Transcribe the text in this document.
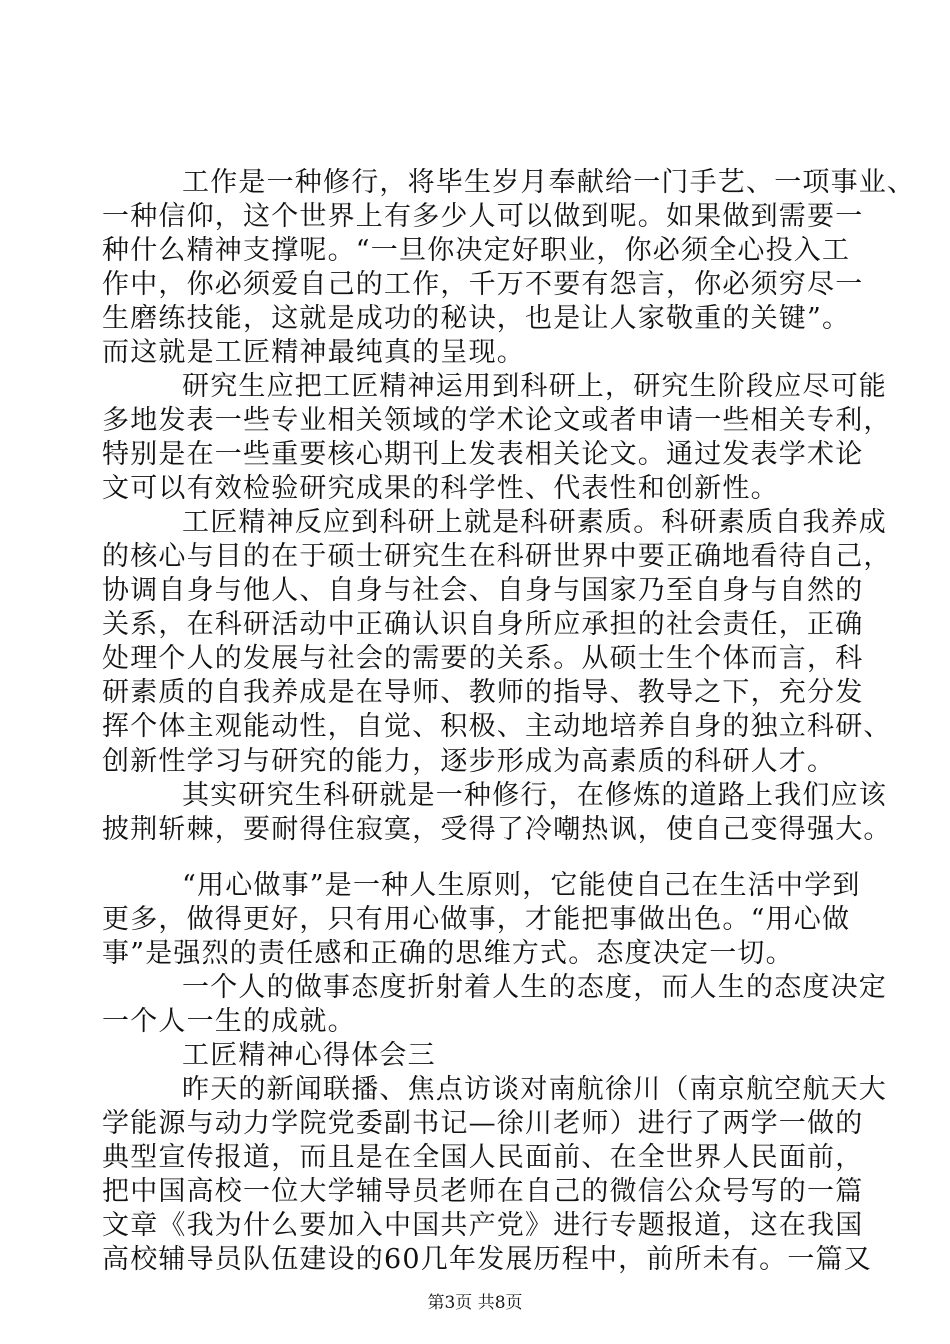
工作是一种修行，将毕生岁月奉献给一门手艺、一项事业、
一种信仰，这个世界上有多少人可以做到呢。如果做到需要一
种什么精神支撑呢。“一旦你决定好职业，你必须全心投入工
作中，你必须爱自己的工作，千万不要有怨言，你必须穷尽一
生磨练技能，这就是成功的秘诀，也是让人家敬重的关键”。
而这就是工匠精神最纯真的呈现。
研究生应把工匠精神运用到科研上，研究生阶段应尽可能
多地发表一些专业相关领域的学术论文或者申请一些相关专利，
特别是在一些重要核心期刊上发表相关论文。通过发表学术论
文可以有效检验研究成果的科学性、代表性和创新性。
工匠精神反应到科研上就是科研素质。科研素质自我养成
的核心与目的在于硕士研究生在科研世界中要正确地看待自己，
协调自身与他人、自身与社会、自身与国家乃至自身与自然的
关系，在科研活动中正确认识自身所应承担的社会责任，正确
处理个人的发展与社会的需要的关系。从硕士生个体而言，科
研素质的自我养成是在导师、教师的指导、教导之下，充分发
挥个体主观能动性，自觉、积极、主动地培养自身的独立科研、
创新性学习与研究的能力，逐步形成为高素质的科研人才。
其实研究生科研就是一种修行，在修炼的道路上我们应该
披荆斩棘，要耐得住寂寞，受得了冷嘲热讽，使自己变得强大。
“用心做事”是一种人生原则，它能使自己在生活中学到
更多，做得更好，只有用心做事，才能把事做出色。“用心做
事”是强烈的责任感和正确的思维方式。态度决定一切。
一个人的做事态度折射着人生的态度，而人生的态度决定
一个人一生的成就。
工匠精神心得体会三
昨天的新闻联播、焦点访谈对南航徐川（南京航空航天大
学能源与动力学院党委副书记—徐川老师）进行了两学一做的
典型宣传报道，而且是在全国人民面前、在全世界人民面前，
把中国高校一位大学辅导员老师在自己的微信公众号写的一篇
文章《我为什么要加入中国共产党》进行专题报道，这在我国
高校辅导员队伍建设的60几年发展历程中，前所未有。一篇又
第3页 共8页
